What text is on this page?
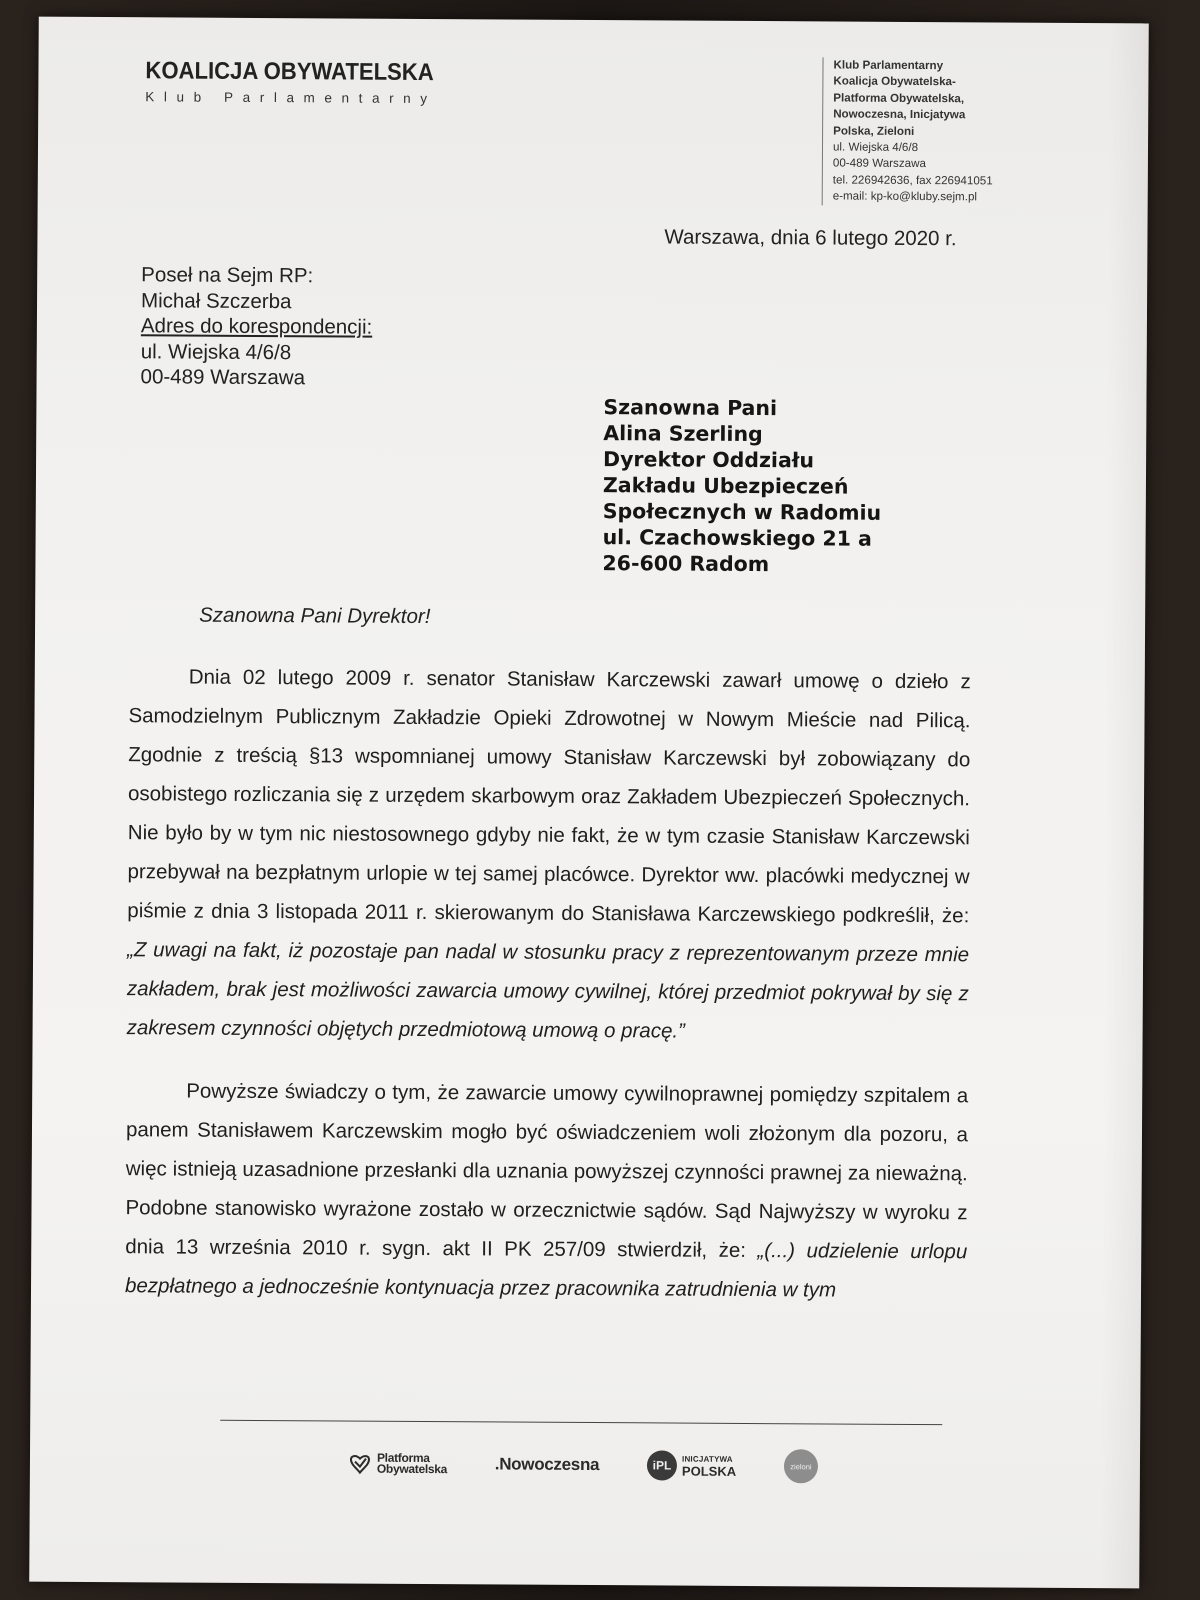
KOALICJA OBYWATELSKA
Klub Parlamentarny
Klub Parlamentarny
Koalicja Obywatelska-
Platforma Obywatelska,
Nowoczesna, Inicjatywa
Polska, Zieloni
ul. Wiejska 4/6/8
00-489 Warszawa
tel. 226942636, fax 226941051
e-mail: kp-ko@kluby.sejm.pl
Warszawa, dnia 6 lutego 2020 r.
Poseł na Sejm RP:
Michał Szczerba
Adres do korespondencji:
ul. Wiejska 4/6/8
00-489 Warszawa
Szanowna Pani
Alina Szerling
Dyrektor Oddziału
Zakładu Ubezpieczeń
Społecznych w Radomiu
ul. Czachowskiego 21 a
26-600 Radom
Szanowna Pani Dyrektor!

Dnia 02 lutego 2009 r. senator Stanisław Karczewski zawarł umowę o dzieło z Samodzielnym Publicznym Zakładzie Opieki Zdrowotnej w Nowym Mieście nad Pilicą. Zgodnie z treścią §13 wspomnianej umowy Stanisław Karczewski był zobowiązany do osobistego rozliczania się z urzędem skarbowym oraz Zakładem Ubezpieczeń Społecznych. Nie było by w tym nic niestosownego gdyby nie fakt, że w tym czasie Stanisław Karczewski przebywał na bezpłatnym urlopie w tej samej placówce. Dyrektor ww. placówki medycznej w piśmie z dnia 3 listopada 2011 r. skierowanym do Stanisława Karczewskiego podkreślił, że: „Z uwagi na fakt, iż pozostaje pan nadal w stosunku pracy z reprezentowanym przeze mnie zakładem, brak jest możliwości zawarcia umowy cywilnej, której przedmiot pokrywał by się z zakresem czynności objętych przedmiotową umową o pracę.”

Powyższe świadczy o tym, że zawarcie umowy cywilnoprawnej pomiędzy szpitalem a panem Stanisławem Karczewskim mogło być oświadczeniem woli złożonym dla pozoru, a więc istnieją uzasadnione przesłanki dla uznania powyższej czynności prawnej za nieważną. Podobne stanowisko wyrażone zostało w orzecznictwie sądów. Sąd Najwyższy w wyroku z dnia 13 września 2010 r. sygn. akt II PK 257/09 stwierdził, że: „(...) udzielenie urlopu bezpłatnego a jednocześnie kontynuacja przez pracownika zatrudnienia w tym

Platforma
Obywatelska	.Nowoczesna	iPL	INICJATYWA
POLSKA	zieloni
